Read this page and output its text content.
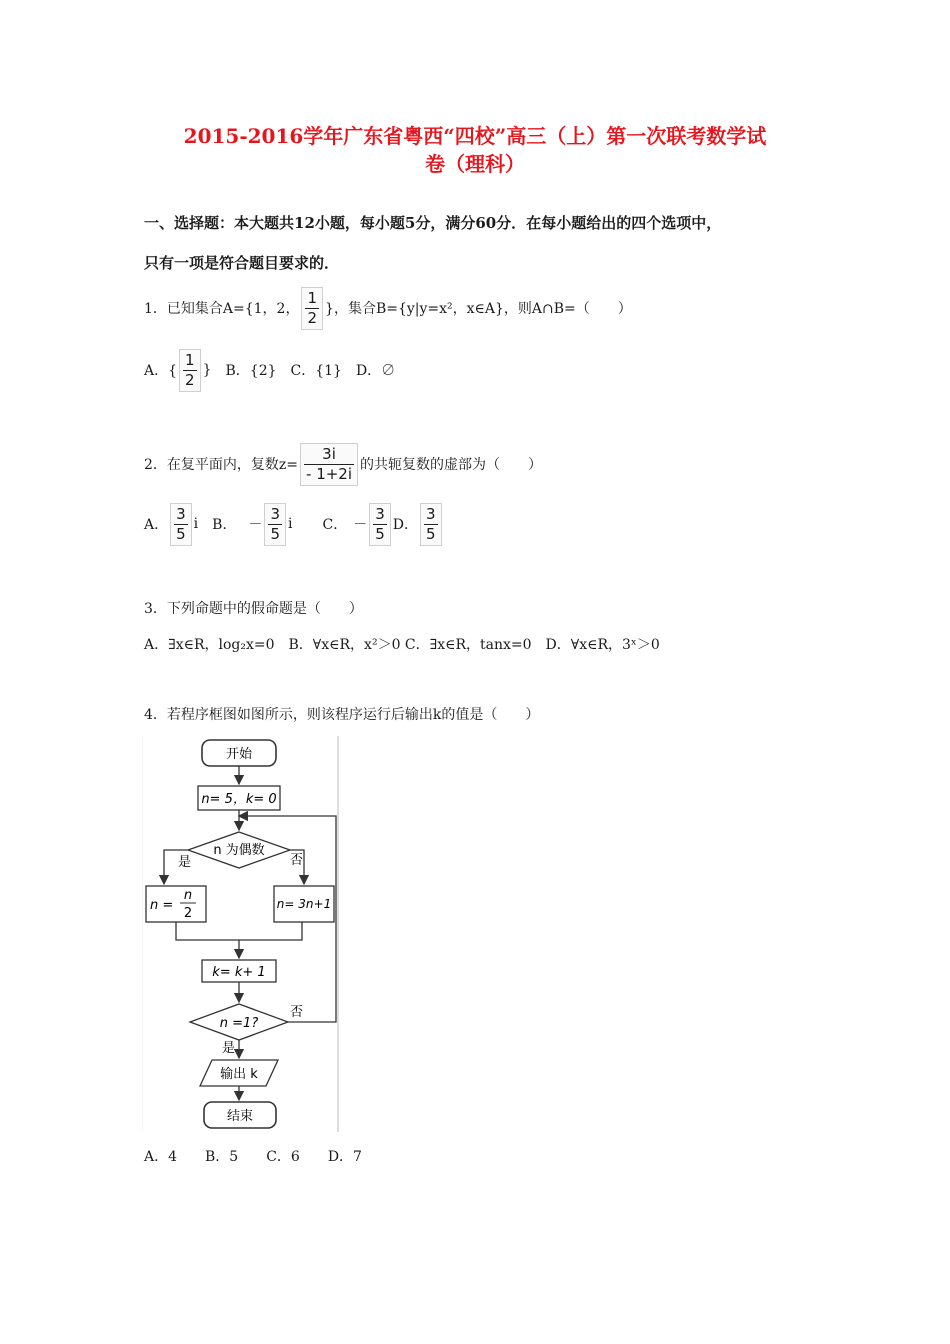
2015-2016学年广东省粤西“四校”高三（上）第一次联考数学试
卷（理科）
一、选择题：本大题共12小题，每小题5分，满分60分．在每小题给出的四个选项中，
只有一项是符合题目要求的．
1．已知集合A={1，2， $\frac{1}{2}$ }，集合B={y|y=x²，x∈A}，则A∩B=（　　）
A．{ $\frac{1}{2}$ } B．{2}　C．{1}　D．∅
2．在复平面内，复数$z= \frac{3i}{- 1+2i}$ 的共轭复数的虚部为（　　）
A． $\frac{3}{5}$ i B． － $\frac{3}{5}$ i C． － $\frac{3}{5}$ D． $\frac{3}{5}$
3．下列命题中的假命题是（　　）
A．∃x∈R，log₂x=0　B．∀x∈R，x²＞0 C．∃x∈R，tanx=0　D．∀x∈R，3ˣ＞0
4．若程序框图如图所示，则该程序运行后输出k的值是（　　）
开始
n= 5，k= 0
n 为偶数
是	否
n =
n
2
n= 3n+1
k= k+ 1
n =1?
否
是
输出 k
结束
A．4　　B．5　　C．6　　D．7
